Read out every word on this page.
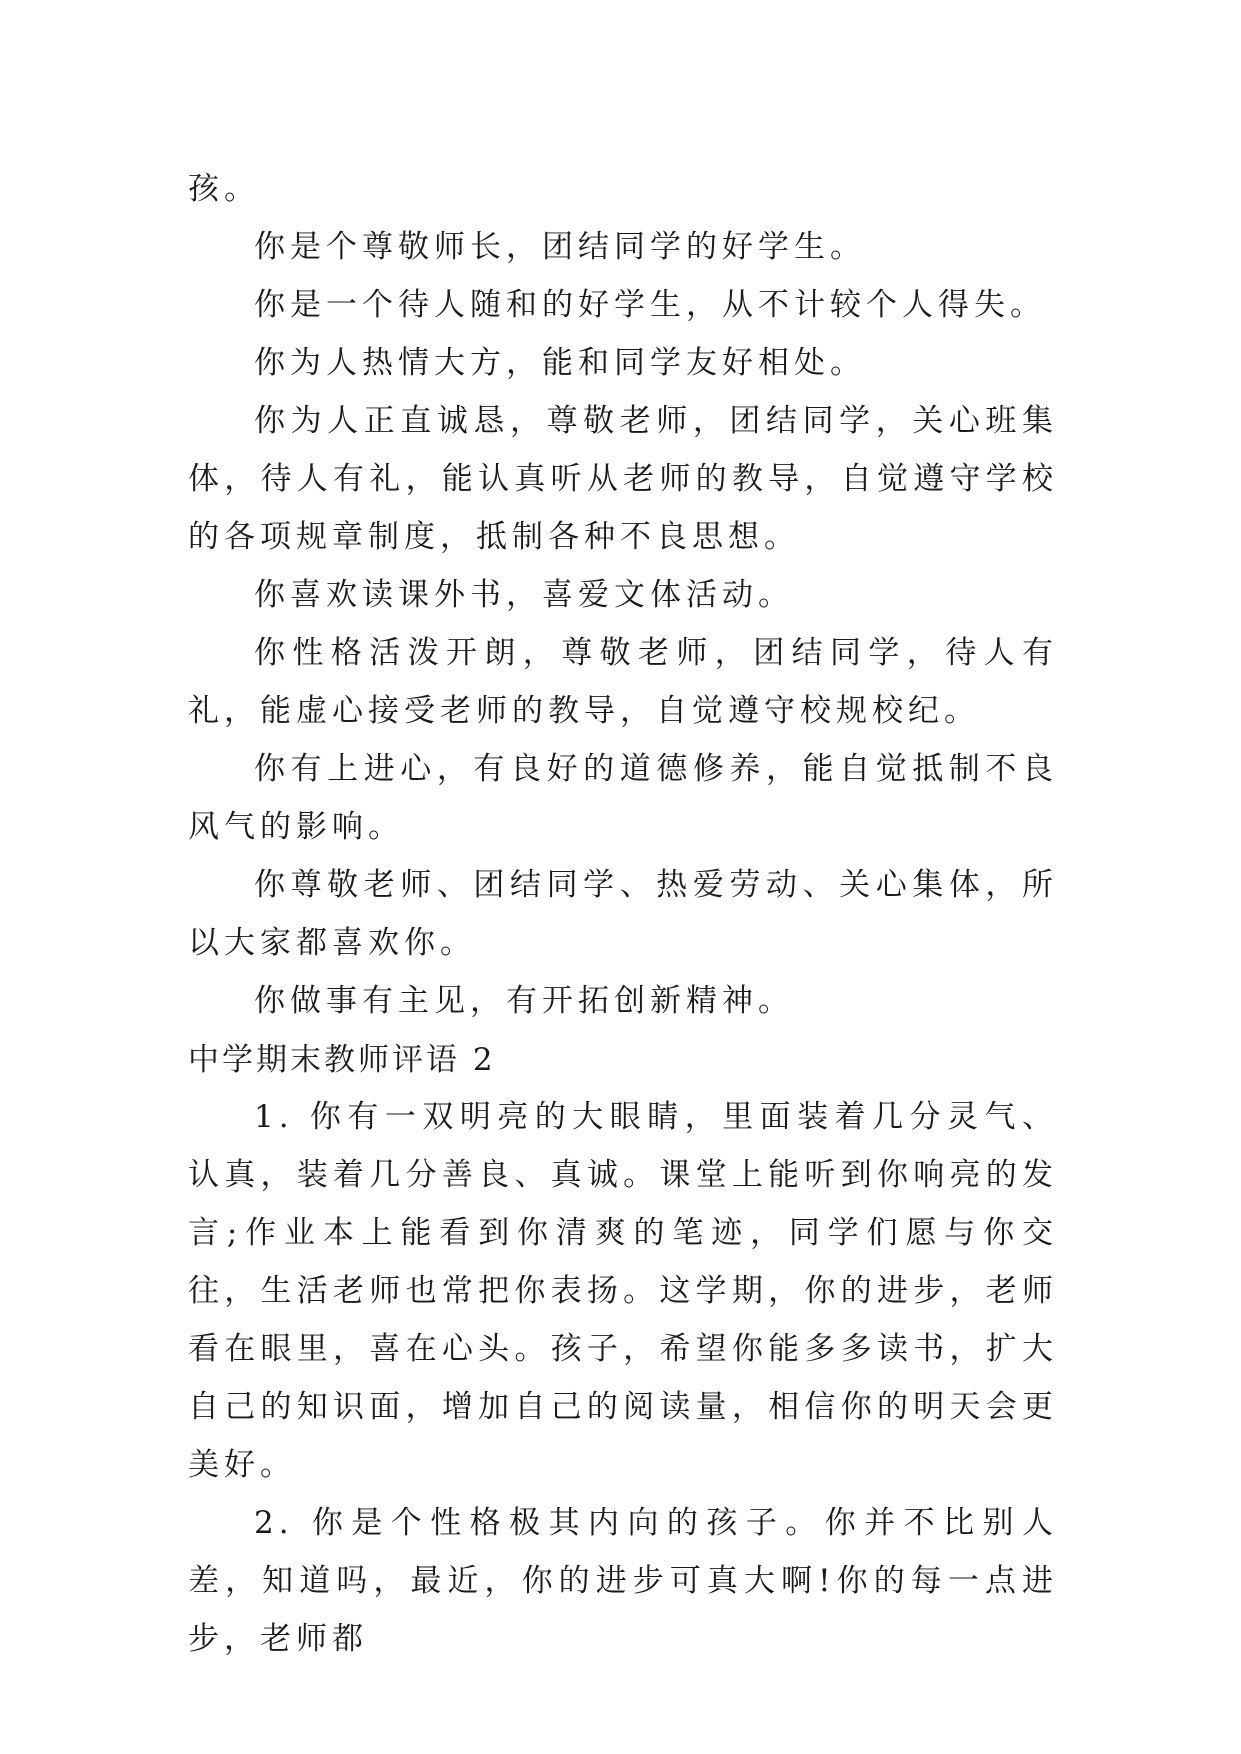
孩。

你是个尊敬师长，团结同学的好学生。

你是一个待人随和的好学生，从不计较个人得失。

你为人热情大方，能和同学友好相处。

你为人正直诚恳，尊敬老师，团结同学，关心班集体，待人有礼，能认真听从老师的教导，自觉遵守学校的各项规章制度，抵制各种不良思想。

你喜欢读课外书，喜爱文体活动。

你性格活泼开朗，尊敬老师，团结同学，待人有礼，能虚心接受老师的教导，自觉遵守校规校纪。

你有上进心，有良好的道德修养，能自觉抵制不良风气的影响。

你尊敬老师、团结同学、热爱劳动、关心集体，所以大家都喜欢你。

你做事有主见，有开拓创新精神。

中学期末教师评语 2

1. 你有一双明亮的大眼睛，里面装着几分灵气、认真，装着几分善良、真诚。课堂上能听到你响亮的发言;作业本上能看到你清爽的笔迹，同学们愿与你交往，生活老师也常把你表扬。这学期，你的进步，老师看在眼里，喜在心头。孩子，希望你能多多读书，扩大自己的知识面，增加自己的阅读量，相信你的明天会更美好。

2. 你是个性格极其内向的孩子。你并不比别人差，知道吗，最近，你的进步可真大啊!你的每一点进步，老师都
